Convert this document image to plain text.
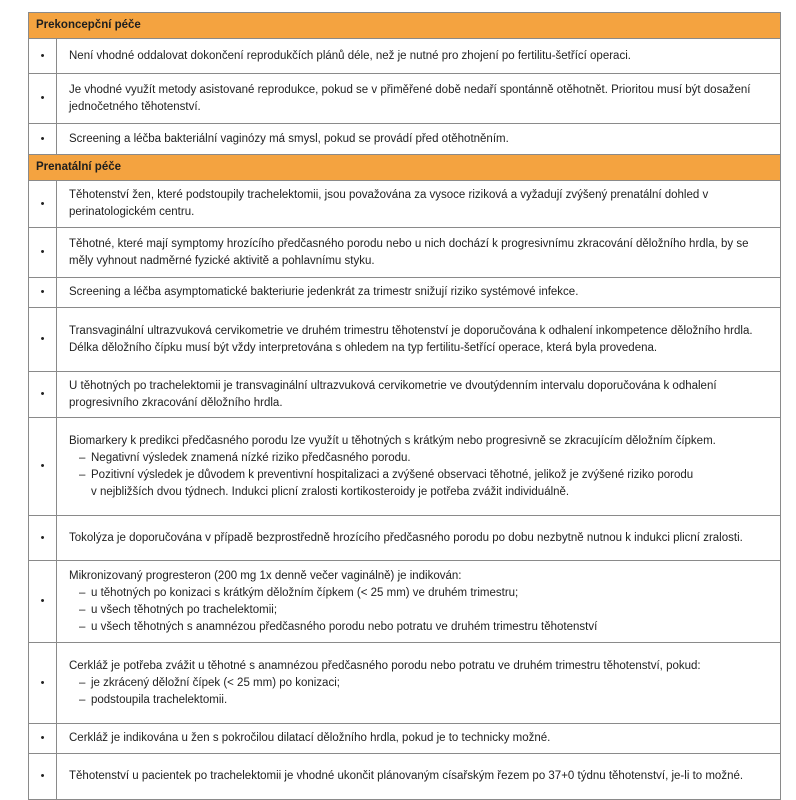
Prekoncepční péče	
•	Není vhodné oddalovat dokončení reprodukčích plánů déle, než je nutné pro zhojení po fertilitu-šetřící operaci.
•	Je vhodné využít metody asistované reprodukce, pokud se v přiměřené době nedaří spontánně otěhotnět. Prioritou musí být dosažení jednočetného těhotenství.
•	Screening a léčba bakteriální vaginózy má smysl, pokud se provádí před otěhotněním.
Prenatální péče	
•	Těhotenství žen, které podstoupily trachelektomii, jsou považována za vysoce riziková a vyžadují zvýšený prenatální dohled v perinatologickém centru.
•	Těhotné, které mají symptomy hrozícího předčasného porodu nebo u nich dochází k progresivnímu zkracování děložního hrdla, by se měly vyhnout nadměrné fyzické aktivitě a pohlavnímu styku.
•	Screening a léčba asymptomatické bakteriurie jedenkrát za trimestr snižují riziko systémové infekce.
•	Transvaginální ultrazvuková cervikometrie ve druhém trimestru těhotenství je doporučována k odhalení inkompetence děložního hrdla. Délka děložního čípku musí být vždy interpretována s ohledem na typ fertilitu-šetřící operace, která byla provedena.
•	U těhotných po trachelektomii je transvaginální ultrazvuková cervikometrie ve dvoutýdenním intervalu doporučována k odhalení progresivního zkracování děložního hrdla.
•	Biomarkery k predikci předčasného porodu lze využít u těhotných s krátkým nebo progresivně se zkracujícím děložním čípkem.
– Negativní výsledek znamená nízké riziko předčasného porodu.
– Pozitivní výsledek je důvodem k preventivní hospitalizaci a zvýšené observaci těhotné, jelikož je zvýšené riziko porodu
v nejbližších dvou týdnech. Indukci plicní zralosti kortikosteroidy je potřeba zvážit individuálně.

•	Tokolýza je doporučována v případě bezprostředně hrozícího předčasného porodu po dobu nezbytně nutnou k indukci plicní zralosti.
•	Mikronizovaný progresteron (200 mg 1x denně večer vaginálně) je indikován:
– u těhotných po konizaci s krátkým děložním čípkem (< 25 mm) ve druhém trimestru;
– u všech těhotných po trachelektomii;
– u všech těhotných s anamnézou předčasného porodu nebo potratu ve druhém trimestru těhotenství

•	Cerkláž je potřeba zvážit u těhotné s anamnézou předčasného porodu nebo potratu ve druhém trimestru těhotenství, pokud:
– je zkrácený děložní čípek (< 25 mm) po konizaci;
– podstoupila trachelektomii.

•	Cerkláž je indikována u žen s pokročilou dilatací děložního hrdla, pokud je to technicky možné.
•	Těhotenství u pacientek po trachelektomii je vhodné ukončit plánovaným císařským řezem po 37+0 týdnu těhotenství, je-li to možné.
